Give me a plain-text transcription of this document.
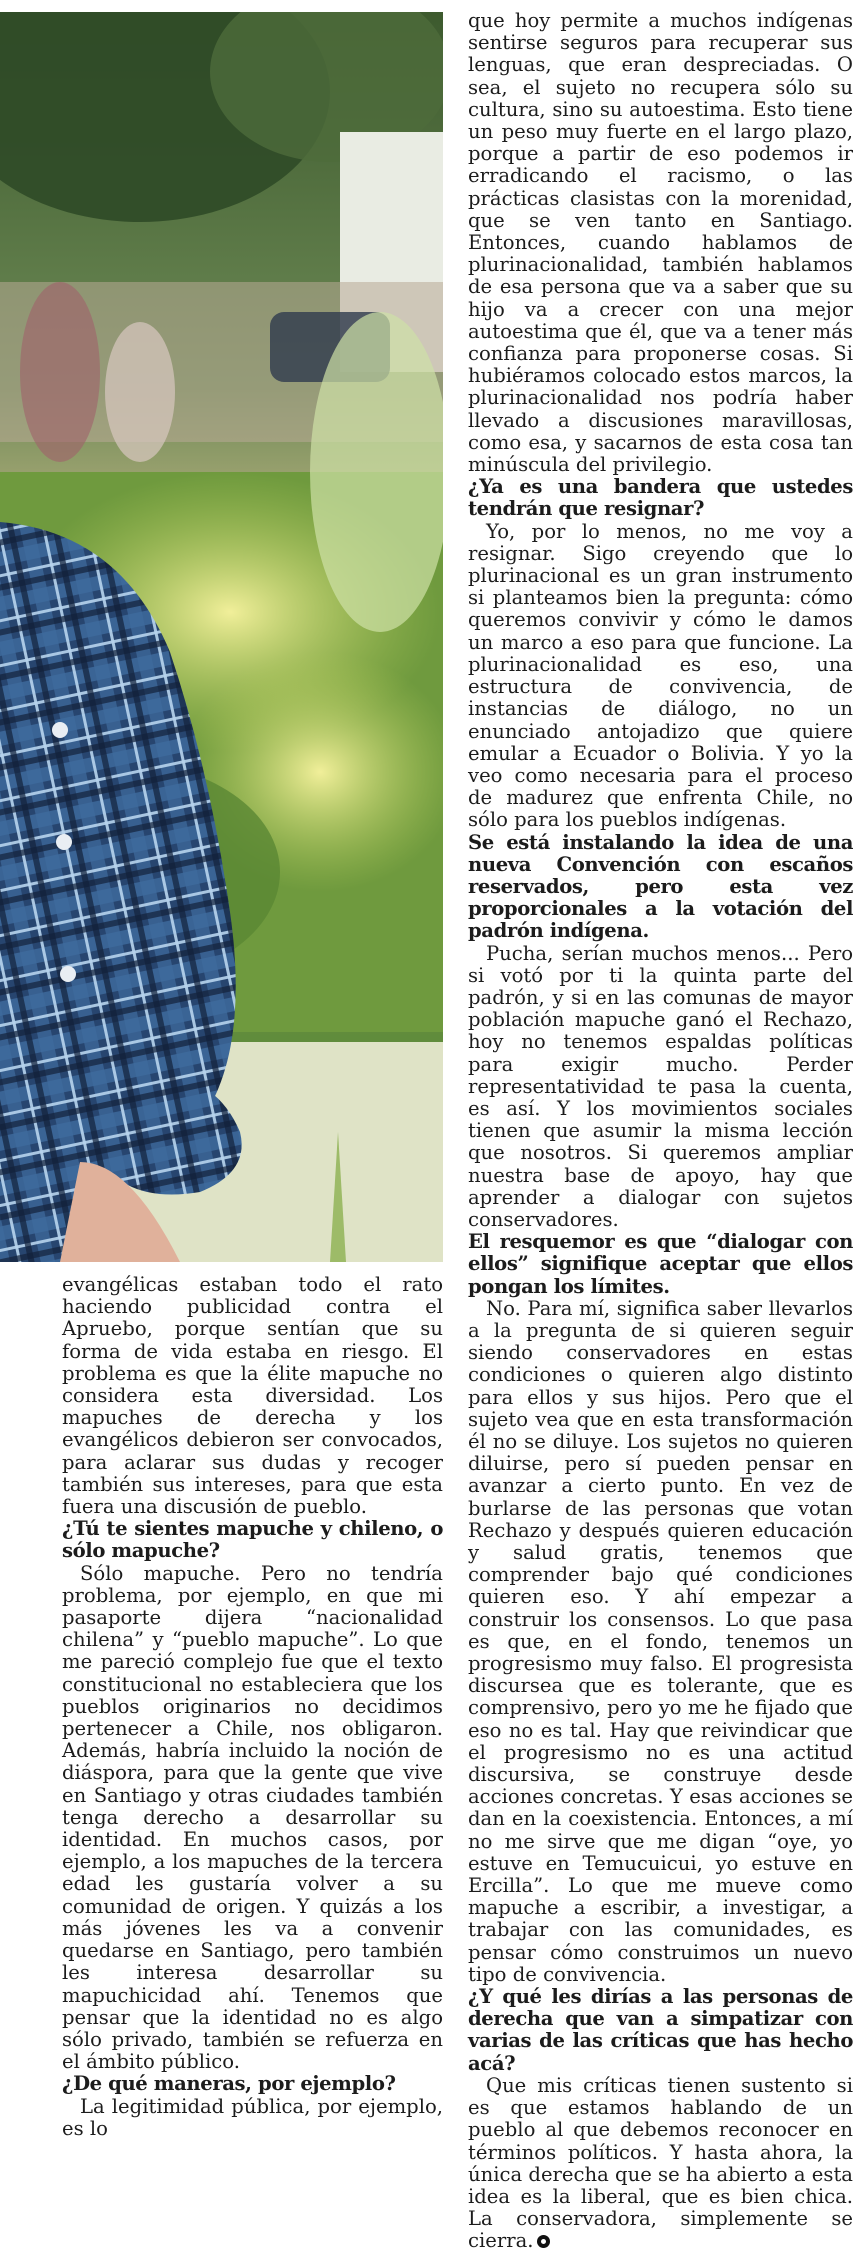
evangélicas estaban todo el rato haciendo publicidad contra el Apruebo, porque sentían que su forma de vida estaba en riesgo. El problema es que la élite mapuche no considera esta diversidad. Los mapuches de derecha y los evangélicos debieron ser convocados, para aclarar sus dudas y recoger también sus intereses, para que esta fuera una discusión de pueblo.

¿Tú te sientes mapuche y chileno, o sólo mapuche?

Sólo mapuche. Pero no tendría problema, por ejemplo, en que mi pasaporte dijera “nacionalidad chilena” y “pueblo mapuche”. Lo que me pareció complejo fue que el texto constitucional no estableciera que los pueblos originarios no decidimos pertenecer a Chile, nos obligaron. Además, habría incluido la noción de diáspora, para que la gente que vive en Santiago y otras ciudades también tenga derecho a desarrollar su identidad. En muchos casos, por ejemplo, a los mapuches de la tercera edad les gustaría volver a su comunidad de origen. Y quizás a los más jóvenes les va a convenir quedarse en Santiago, pero también les interesa desarrollar su mapuchicidad ahí. Tenemos que pensar que la identidad no es algo sólo privado, también se refuerza en el ámbito público.

¿De qué maneras, por ejemplo?

La legitimidad pública, por ejemplo, es lo

que hoy permite a muchos indígenas sentirse seguros para recuperar sus lenguas, que eran despreciadas. O sea, el sujeto no recupera sólo su cultura, sino su autoestima. Esto tiene un peso muy fuerte en el largo plazo, porque a partir de eso podemos ir erradicando el racismo, o las prácticas clasistas con la morenidad, que se ven tanto en Santiago. Entonces, cuando hablamos de plurinacionalidad, también hablamos de esa persona que va a saber que su hijo va a crecer con una mejor autoestima que él, que va a tener más confianza para proponerse cosas. Si hubiéramos colocado estos marcos, la plurinacionalidad nos podría haber llevado a discusiones maravillosas, como esa, y sacarnos de esta cosa tan minúscula del privilegio.

¿Ya es una bandera que ustedes tendrán que resignar?

Yo, por lo menos, no me voy a resignar. Sigo creyendo que lo plurinacional es un gran instrumento si planteamos bien la pregunta: cómo queremos convivir y cómo le damos un marco a eso para que funcione. La plurinacionalidad es eso, una estructura de convivencia, de instancias de diálogo, no un enunciado antojadizo que quiere emular a Ecuador o Bolivia. Y yo la veo como necesaria para el proceso de madurez que enfrenta Chile, no sólo para los pueblos indígenas.

Se está instalando la idea de una nueva Convención con escaños reservados, pero esta vez proporcionales a la votación del padrón indígena.

Pucha, serían muchos menos... Pero si votó por ti la quinta parte del padrón, y si en las comunas de mayor población mapuche ganó el Rechazo, hoy no tenemos espaldas políticas para exigir mucho. Perder representatividad te pasa la cuenta, es así. Y los movimientos sociales tienen que asumir la misma lección que nosotros. Si queremos ampliar nuestra base de apoyo, hay que aprender a dialogar con sujetos conservadores.

El resquemor es que “dialogar con ellos” signifique aceptar que ellos pongan los límites.

No. Para mí, significa saber llevarlos a la pregunta de si quieren seguir siendo conservadores en estas condiciones o quieren algo distinto para ellos y sus hijos. Pero que el sujeto vea que en esta transformación él no se diluye. Los sujetos no quieren diluirse, pero sí pueden pensar en avanzar a cierto punto. En vez de burlarse de las personas que votan Rechazo y después quieren educación y salud gratis, tenemos que comprender bajo qué condiciones quieren eso. Y ahí empezar a construir los consensos. Lo que pasa es que, en el fondo, tenemos un progresismo muy falso. El progresista discursea que es tolerante, que es comprensivo, pero yo me he fijado que eso no es tal. Hay que reivindicar que el progresismo no es una actitud discursiva, se construye desde acciones concretas. Y esas acciones se dan en la coexistencia. Entonces, a mí no me sirve que me digan “oye, yo estuve en Temucuicui, yo estuve en Ercilla”. Lo que me mueve como mapuche a escribir, a investigar, a trabajar con las comunidades, es pensar cómo construimos un nuevo tipo de convivencia.

¿Y qué les dirías a las personas de derecha que van a simpatizar con varias de las críticas que has hecho acá?

Que mis críticas tienen sustento si es que estamos hablando de un pueblo al que debemos reconocer en términos políticos. Y hasta ahora, la única derecha que se ha abierto a esta idea es la liberal, que es bien chica. La conservadora, simplemente se cierra.
